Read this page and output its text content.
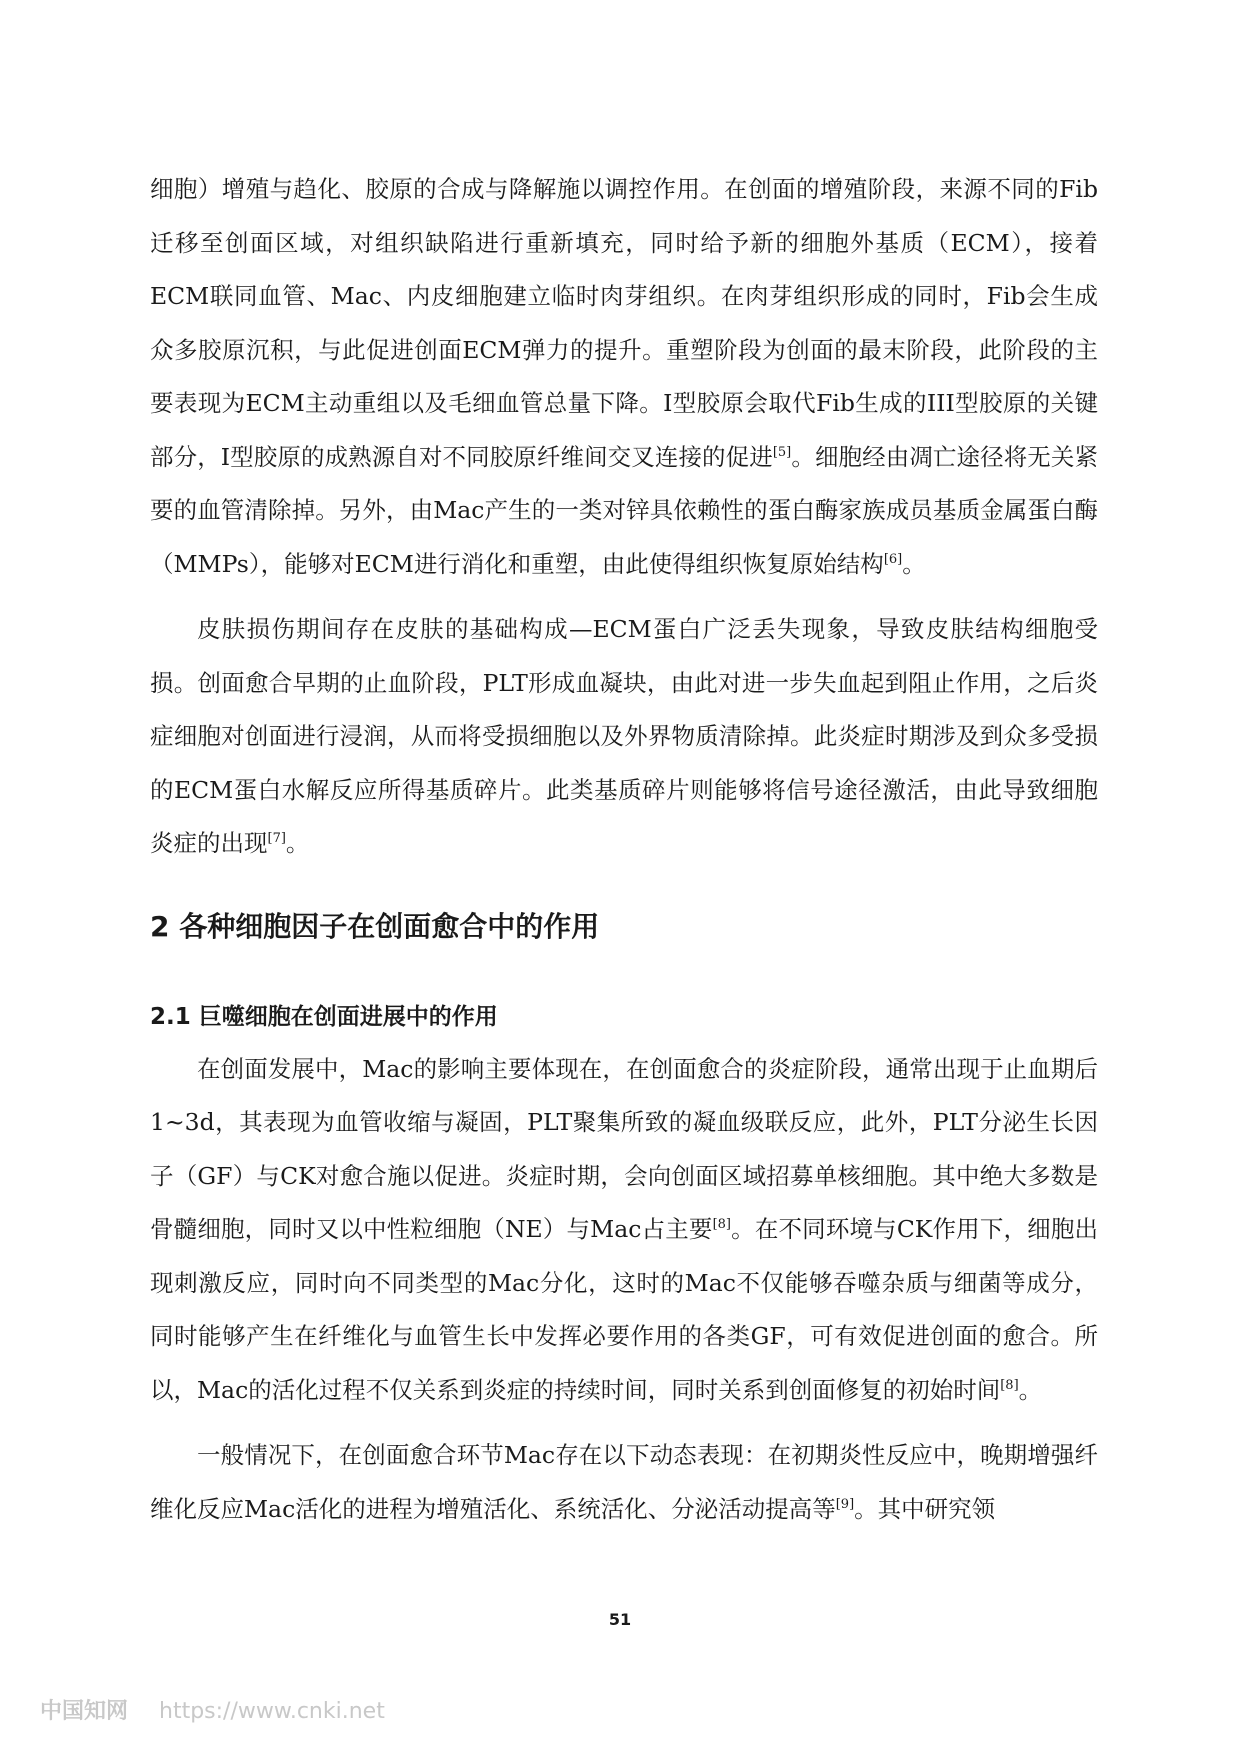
细胞）增殖与趋化、胶原的合成与降解施以调控作用。在创面的增殖阶段，来源不同的Fib迁移至创面区域，对组织缺陷进行重新填充，同时给予新的细胞外基质（ECM），接着ECM联同血管、Mac、内皮细胞建立临时肉芽组织。在肉芽组织形成的同时，Fib会生成众多胶原沉积，与此促进创面ECM弹力的提升。重塑阶段为创面的最末阶段，此阶段的主要表现为ECM主动重组以及毛细血管总量下降。I型胶原会取代Fib生成的III型胶原的关键部分，I型胶原的成熟源自对不同胶原纤维间交叉连接的促进[5]。细胞经由凋亡途径将无关紧要的血管清除掉。另外，由Mac产生的一类对锌具依赖性的蛋白酶家族成员基质金属蛋白酶（MMPs），能够对ECM进行消化和重塑，由此使得组织恢复原始结构[6]。

皮肤损伤期间存在皮肤的基础构成—ECM蛋白广泛丢失现象，导致皮肤结构细胞受损。创面愈合早期的止血阶段，PLT形成血凝块，由此对进一步失血起到阻止作用，之后炎症细胞对创面进行浸润，从而将受损细胞以及外界物质清除掉。此炎症时期涉及到众多受损的ECM蛋白水解反应所得基质碎片。此类基质碎片则能够将信号途径激活，由此导致细胞炎症的出现[7]。

2 各种细胞因子在创面愈合中的作用
2.1 巨噬细胞在创面进展中的作用

在创面发展中，Mac的影响主要体现在，在创面愈合的炎症阶段，通常出现于止血期后1~3d，其表现为血管收缩与凝固，PLT聚集所致的凝血级联反应，此外，PLT分泌生长因子（GF）与CK对愈合施以促进。炎症时期，会向创面区域招募单核细胞。其中绝大多数是骨髓细胞，同时又以中性粒细胞（NE）与Mac占主要[8]。在不同环境与CK作用下，细胞出现刺激反应，同时向不同类型的Mac分化，这时的Mac不仅能够吞噬杂质与细菌等成分，同时能够产生在纤维化与血管生长中发挥必要作用的各类GF，可有效促进创面的愈合。所以，Mac的活化过程不仅关系到炎症的持续时间，同时关系到创面修复的初始时间[8]。

一般情况下，在创面愈合环节Mac存在以下动态表现：在初期炎性反应中，晚期增强纤维化反应Mac活化的进程为增殖活化、系统活化、分泌活动提高等[9]。其中研究领

51
中国知网 https://www.cnki.net
